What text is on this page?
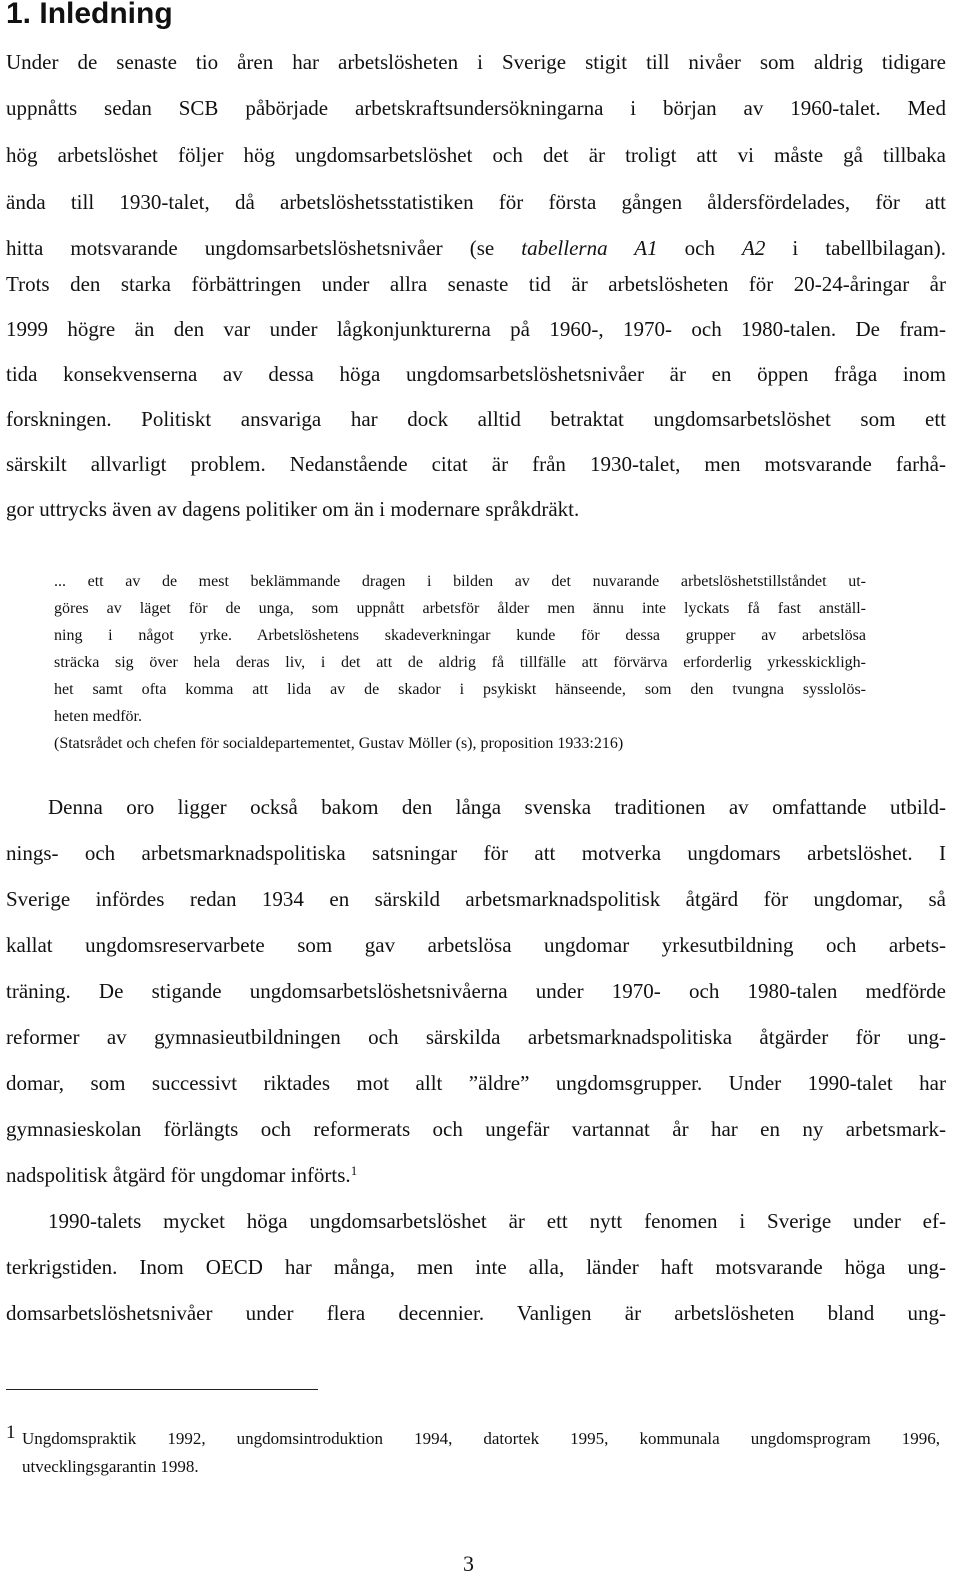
1. Inledning
Under de senaste tio åren har arbetslösheten i Sverige stigit till nivåer som aldrig tidigare
uppnåtts sedan SCB påbörjade arbetskraftsundersökningarna i början av 1960-talet. Med
hög arbetslöshet följer hög ungdomsarbetslöshet och det är troligt att vi måste gå tillbaka
ända till 1930-talet, då arbetslöshetsstatistiken för första gången åldersfördelades, för att
hitta motsvarande ungdomsarbetslöshetsnivåer (se tabellerna A1 och A2 i tabellbilagan).
Trots den starka förbättringen under allra senaste tid är arbetslösheten för 20-24-åringar år
1999 högre än den var under lågkonjunkturerna på 1960-, 1970- och 1980-talen. De fram-
tida konsekvenserna av dessa höga ungdomsarbetslöshetsnivåer är en öppen fråga inom
forskningen. Politiskt ansvariga har dock alltid betraktat ungdomsarbetslöshet som ett
särskilt allvarligt problem. Nedanstående citat är från 1930-talet, men motsvarande farhå-
gor uttrycks även av dagens politiker om än i modernare språkdräkt.
... ett av de mest beklämmande dragen i bilden av det nuvarande arbetslöshetstillståndet ut-
göres av läget för de unga, som uppnått arbetsför ålder men ännu inte lyckats få fast anställ-
ning i något yrke. Arbetslöshetens skadeverkningar kunde för dessa grupper av arbetslösa
sträcka sig över hela deras liv, i det att de aldrig få tillfälle att förvärva erforderlig yrkesskickligh-
het samt ofta komma att lida av de skador i psykiskt hänseende, som den tvungna sysslolös-
heten medför.
(Statsrådet och chefen för socialdepartementet, Gustav Möller (s), proposition 1933:216)
Denna oro ligger också bakom den långa svenska traditionen av omfattande utbild-
nings- och arbetsmarknadspolitiska satsningar för att motverka ungdomars arbetslöshet. I
Sverige infördes redan 1934 en särskild arbetsmarknadspolitisk åtgärd för ungdomar, så
kallat ungdomsreservarbete som gav arbetslösa ungdomar yrkesutbildning och arbets-
träning. De stigande ungdomsarbetslöshetsnivåerna under 1970- och 1980-talen medförde
reformer av gymnasieutbildningen och särskilda arbetsmarknadspolitiska åtgärder för ung-
domar, som successivt riktades mot allt ”äldre” ungdomsgrupper. Under 1990-talet har
gymnasieskolan förlängts och reformerats och ungefär vartannat år har en ny arbetsmark-
nadspolitisk åtgärd för ungdomar införts.$^1$
1990-talets mycket höga ungdomsarbetslöshet är ett nytt fenomen i Sverige under ef-
terkrigstiden. Inom OECD har många, men inte alla, länder haft motsvarande höga ung-
domsarbetslöshetsnivåer under flera decennier. Vanligen är arbetslösheten bland ung-
1 Ungdomspraktik 1992, ungdomsintroduktion 1994, datortek 1995, kommunala ungdomsprogram 1996,
utvecklingsgarantin 1998.
3
